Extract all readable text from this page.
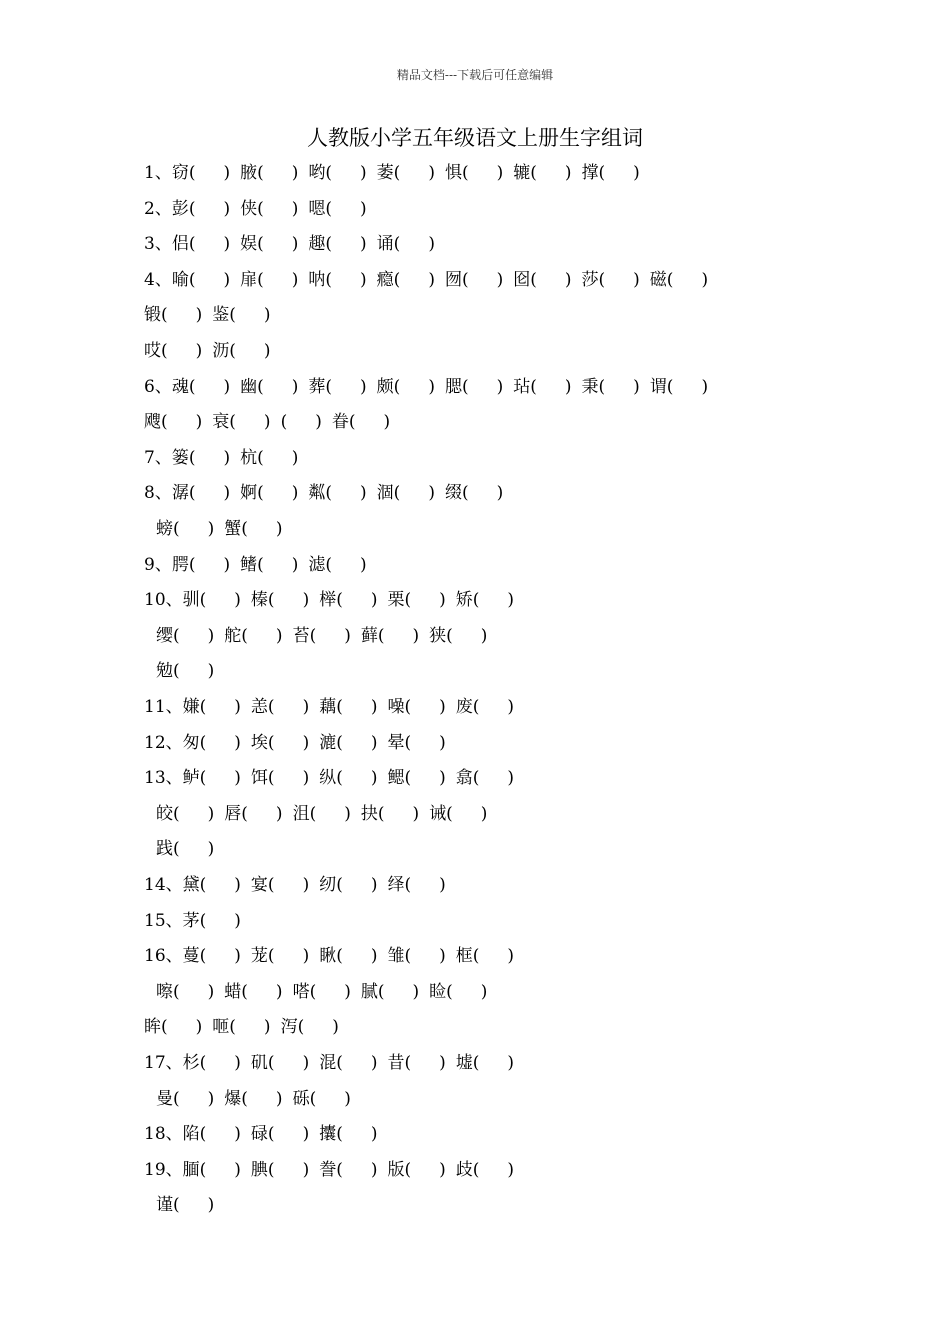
精品文档---下载后可任意编辑
人教版小学五年级语文上册生字组词
1、窃( ) 腋( ) 哟( ) 萎( ) 惧( ) 辘( ) 撑( )
2、彭( ) 侠( ) 嗯( )
3、侣( ) 娱( ) 趣( ) 诵( )
4、喻( ) 扉( ) 呐( ) 瘾( ) 囫( ) 囵( ) 莎( ) 磁( )
锻( ) 鉴( )
哎( ) 沥( )
6、魂( ) 幽( ) 葬( ) 颇( ) 腮( ) 玷( ) 秉( ) 谓( )
飕( ) 衰( ) ( ) 眷( )
7、篓( ) 杭( )
8、潺( ) 婀( ) 粼( ) 涸( ) 缀( )
螃( ) 蟹( )
9、腭( ) 鳍( ) 滤( )
10、驯( ) 榛( ) 榉( ) 栗( ) 矫( )
缨( ) 舵( ) 苔( ) 藓( ) 狭( )
勉( )
11、嫌( ) 恙( ) 藕( ) 噪( ) 废( )
12、匆( ) 埃( ) 漉( ) 晕( )
13、鲈( ) 饵( ) 纵( ) 鳃( ) 翕( )
皎( ) 唇( ) 沮( ) 抉( ) 诫( )
践( )
14、黛( ) 宴( ) 纫( ) 绎( )
15、茅( )
16、蔓( ) 茏( ) 瞅( ) 雏( ) 框( )
嚓( ) 蜡( ) 嗒( ) 腻( ) 睑( )
眸( ) 咂( ) 泻( )
17、杉( ) 矶( ) 混( ) 昔( ) 墟( )
曼( ) 爆( ) 砾( )
18、陷( ) 碌( ) 攮( )
19、腼( ) 腆( ) 誊( ) 版( ) 歧( )
谨( )
